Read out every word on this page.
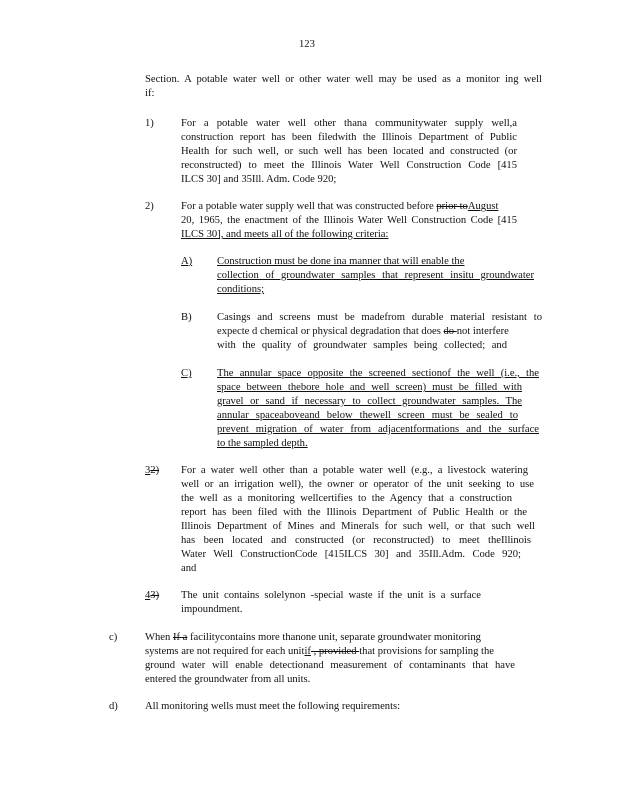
123
Section. A potable water well or other water well may be used as a monitor ing well
if:
1)	For a potable water well other thana communitywater supply well,a
construction report has been filedwith the Illinois Department of Public
Health for such well, or such well has been located and constructed (or
reconstructed) to meet the Illinois Water Well Construction Code [415
ILCS 30] and 35Ill. Adm. Code 920;
2)	For a potable water supply well that was constructed before prior toAugust
20, 1965, the enactment of the Illinois Water Well Construction Code [415
ILCS 30], and meets all of the following criteria:
A) Construction must be done ina manner that will enable the
collection of groundwater samples that represent insitu groundwater
conditions;
B) Casings and screens must be madefrom durable material resistant to
expecte d chemical or physical degradation that does do not interfere
with the quality of groundwater samples being collected; and
C) The annular space opposite the screened sectionof the well (i.e., the
space between thebore hole and well screen) must be filled with
gravel or sand if necessary to collect groundwater samples. The
annular spaceaboveand below thewell screen must be sealed to
prevent migration of water from adjacentformations and the surface
to the sampled depth.
32) For a water well other than a potable water well (e.g., a livestock watering
well or an irrigation well), the owner or operator of the unit seeking to use
the well as a monitoring wellcertifies to the Agency that a construction
report has been filed with the Illinois Department of Public Health or the
Illinois Department of Mines and Minerals for such well, or that such well
has been located and constructed (or reconstructed) to meet theIllinois
Water Well ConstructionCode [415ILCS 30] and 35Ill.Adm. Code 920;
and
43) The unit contains solelynon -special waste if the unit is a surface
impoundment.
c)	When If a facilitycontains more thanone unit, separate groundwater monitoring
systems are not required for each unitif , provided that provisions for sampling the
ground water will enable detectionand measurement of contaminants that have
entered the groundwater from all units.
d)	All monitoring wells must meet the following requirements:
